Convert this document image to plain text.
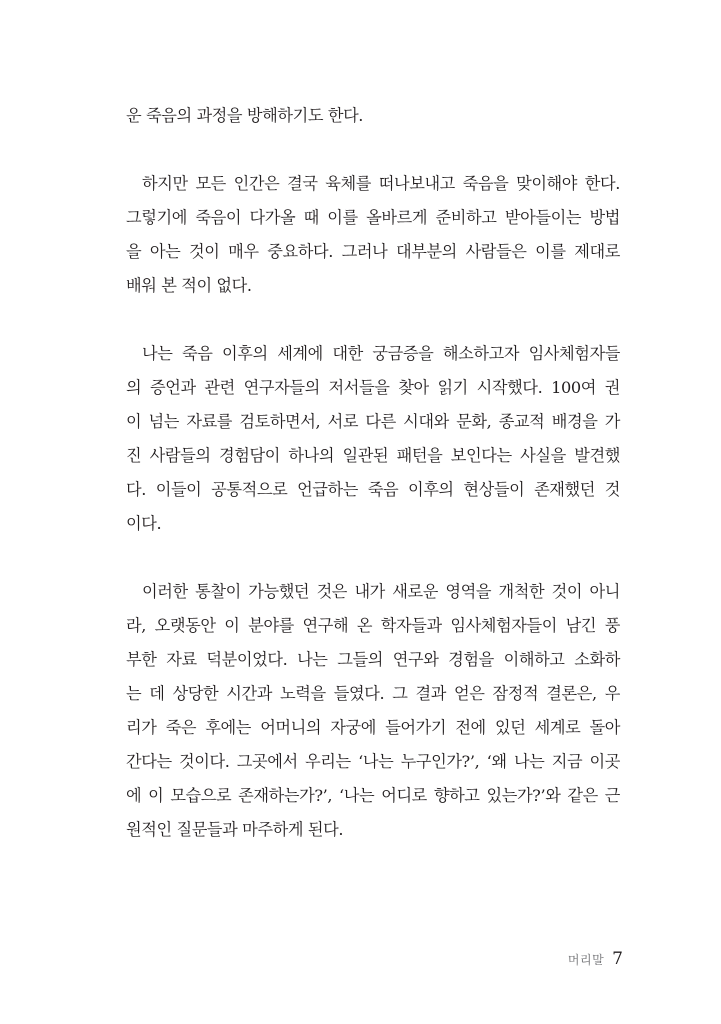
운 죽음의 과정을 방해하기도 한다.
하지만 모든 인간은 결국 육체를 떠나보내고 죽음을 맞이해야 한다.
그렇기에 죽음이 다가올 때 이를 올바르게 준비하고 받아들이는 방법
을 아는 것이 매우 중요하다. 그러나 대부분의 사람들은 이를 제대로
배워 본 적이 없다.
나는 죽음 이후의 세계에 대한 궁금증을 해소하고자 임사체험자들
의 증언과 관련 연구자들의 저서들을 찾아 읽기 시작했다. 100여 권
이 넘는 자료를 검토하면서, 서로 다른 시대와 문화, 종교적 배경을 가
진 사람들의 경험담이 하나의 일관된 패턴을 보인다는 사실을 발견했
다. 이들이 공통적으로 언급하는 죽음 이후의 현상들이 존재했던 것
이다.
이러한 통찰이 가능했던 것은 내가 새로운 영역을 개척한 것이 아니
라, 오랫동안 이 분야를 연구해 온 학자들과 임사체험자들이 남긴 풍
부한 자료 덕분이었다. 나는 그들의 연구와 경험을 이해하고 소화하
는 데 상당한 시간과 노력을 들였다. 그 결과 얻은 잠정적 결론은, 우
리가 죽은 후에는 어머니의 자궁에 들어가기 전에 있던 세계로 돌아
간다는 것이다. 그곳에서 우리는 ‘나는 누구인가?’, ‘왜 나는 지금 이곳
에 이 모습으로 존재하는가?’, ‘나는 어디로 향하고 있는가?’와 같은 근
원적인 질문들과 마주하게 된다.
머리말 7
